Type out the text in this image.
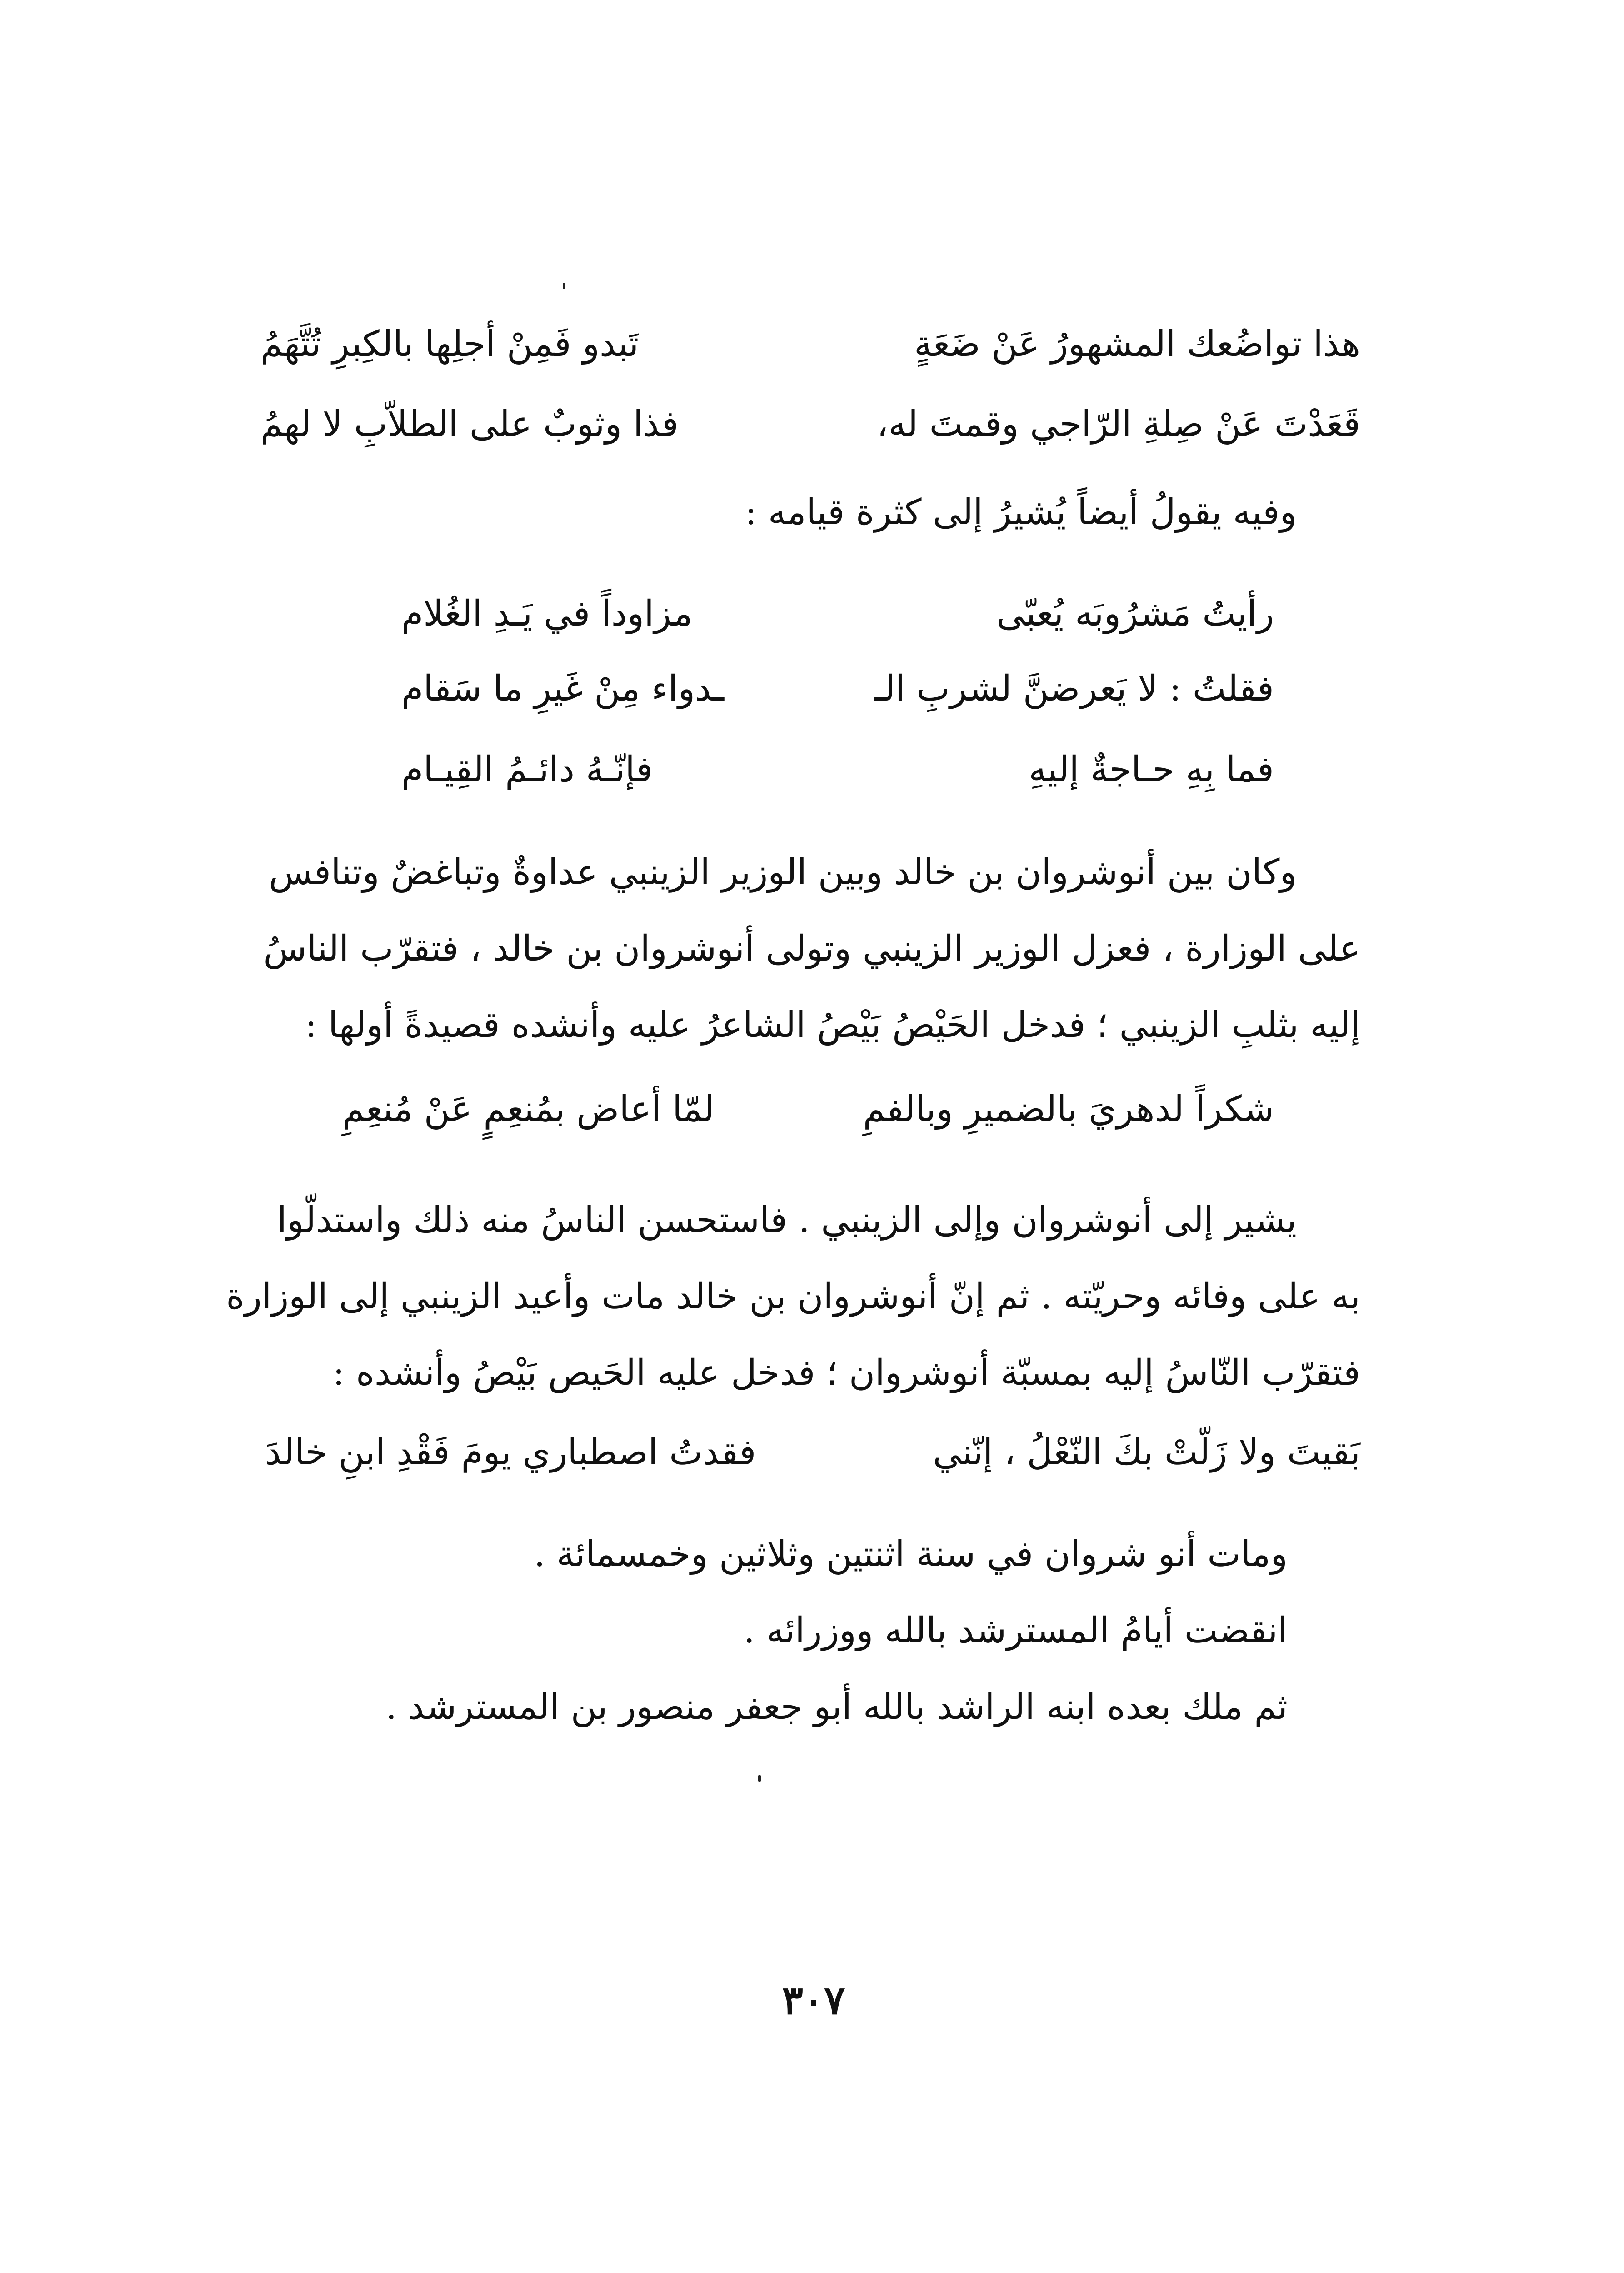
هذا تواضُعك المشهورُ عَنْ ضَعَةٍ
تَبدو فَمِنْ أجلِها بالكِبرِ تُتَّهَمُ
قَعَدْتَ عَنْ صِلةِ الرّاجي وقمتَ له،
فذا وثوبٌ على الطلاّبِ لا لهمُ
وفيه يقولُ أيضاً يُشيرُ إلى كثرة قيامه :
رأيتُ مَشرُوبَه يُعبّى
مزاوداً في يَـدِ الغُلام
فقلتُ : لا يَعرضنَّ لشربِ الـ
ـدواء مِنْ غَيرِ ما سَقام
فما بِهِ حـاجةٌ إليهِ
فإنّـهُ دائـمُ القِيـام
وكان بين أنوشروان بن خالد وبين الوزير الزينبي عداوةٌ وتباغضٌ وتنافس
على الوزارة ، فعزل الوزير الزينبي وتولى أنوشروان بن خالد ، فتقرّب الناسُ
إليه بثلبِ الزينبي ؛ فدخل الحَيْصُ بَيْصُ الشاعرُ عليه وأنشده قصيدةً أولها :
شكراً لدهريَ بالضميرِ وبالفمِ
لمّا أعاض بمُنعِمٍ عَنْ مُنعِمِ
يشير إلى أنوشروان وإلى الزينبي . فاستحسن الناسُ منه ذلك واستدلّوا
به على وفائه وحريّته . ثم إنّ أنوشروان بن خالد مات وأعيد الزينبي إلى الوزارة
فتقرّب النّاسُ إليه بمسبّة أنوشروان ؛ فدخل عليه الحَيص بَيْصُ وأنشده :
بَقيتَ ولا زَلّتْ بكَ النّعْلُ ، إنّني
فقدتُ اصطباري يومَ فَقْدِ ابنِ خالدَ
ومات أنو شروان في سنة اثنتين وثلاثين وخمسمائة .
انقضت أيامُ المسترشد بالله ووزرائه .
ثم ملك بعده ابنه الراشد بالله أبو جعفر منصور بن المسترشد .
٣٠٧
